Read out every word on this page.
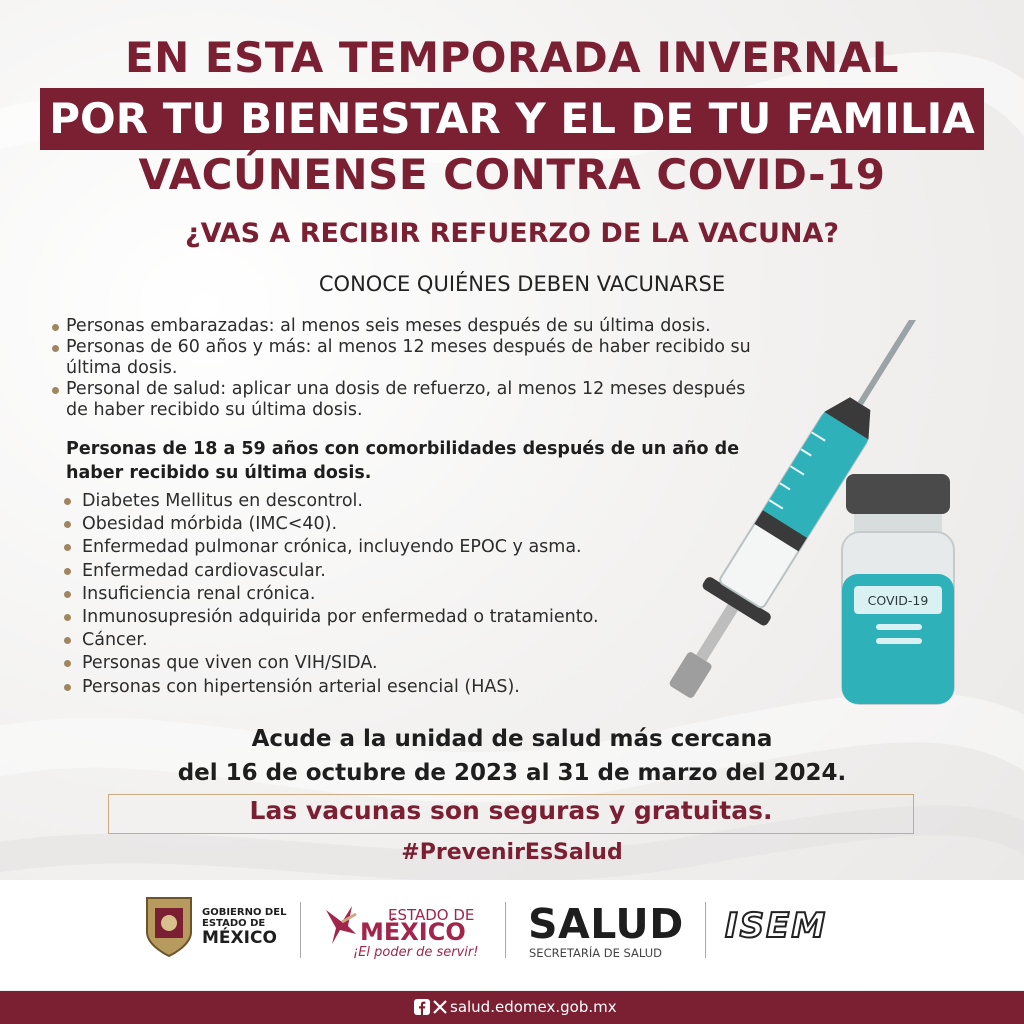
EN ESTA TEMPORADA INVERNAL
POR TU BIENESTAR Y EL DE TU FAMILIA
VACÚNENSE CONTRA COVID-19
¿VAS A RECIBIR REFUERZO DE LA VACUNA?
CONOCE QUIÉNES DEBEN VACUNARSE
Personas embarazadas: al menos seis meses después de su última dosis.
Personas de 60 años y más: al menos 12 meses después de haber recibido su última dosis.
Personal de salud: aplicar una dosis de refuerzo, al menos 12 meses después de haber recibido su última dosis.
Personas de 18 a 59 años con comorbilidades después de un año de haber recibido su última dosis.
Diabetes Mellitus en descontrol.
Obesidad mórbida (IMC<40).
Enfermedad pulmonar crónica, incluyendo EPOC y asma.
Enfermedad cardiovascular.
Insuficiencia renal crónica.
Inmunosupresión adquirida por enfermedad o tratamiento.
Cáncer.
Personas que viven con VIH/SIDA.
Personas con hipertensión arterial esencial (HAS).
COVID-19
Acude a la unidad de salud más cercana
del 16 de octubre de 2023 al 31 de marzo del 2024.
Las vacunas son seguras y gratuitas.
#PrevenirEsSalud
GOBIERNO DEL
ESTADO DE
MÉXICO
ESTADO DE
MÉXICO
¡El poder de servir!
SALUD
SECRETARÍA DE SALUD
ISEM
salud.edomex.gob.mx
